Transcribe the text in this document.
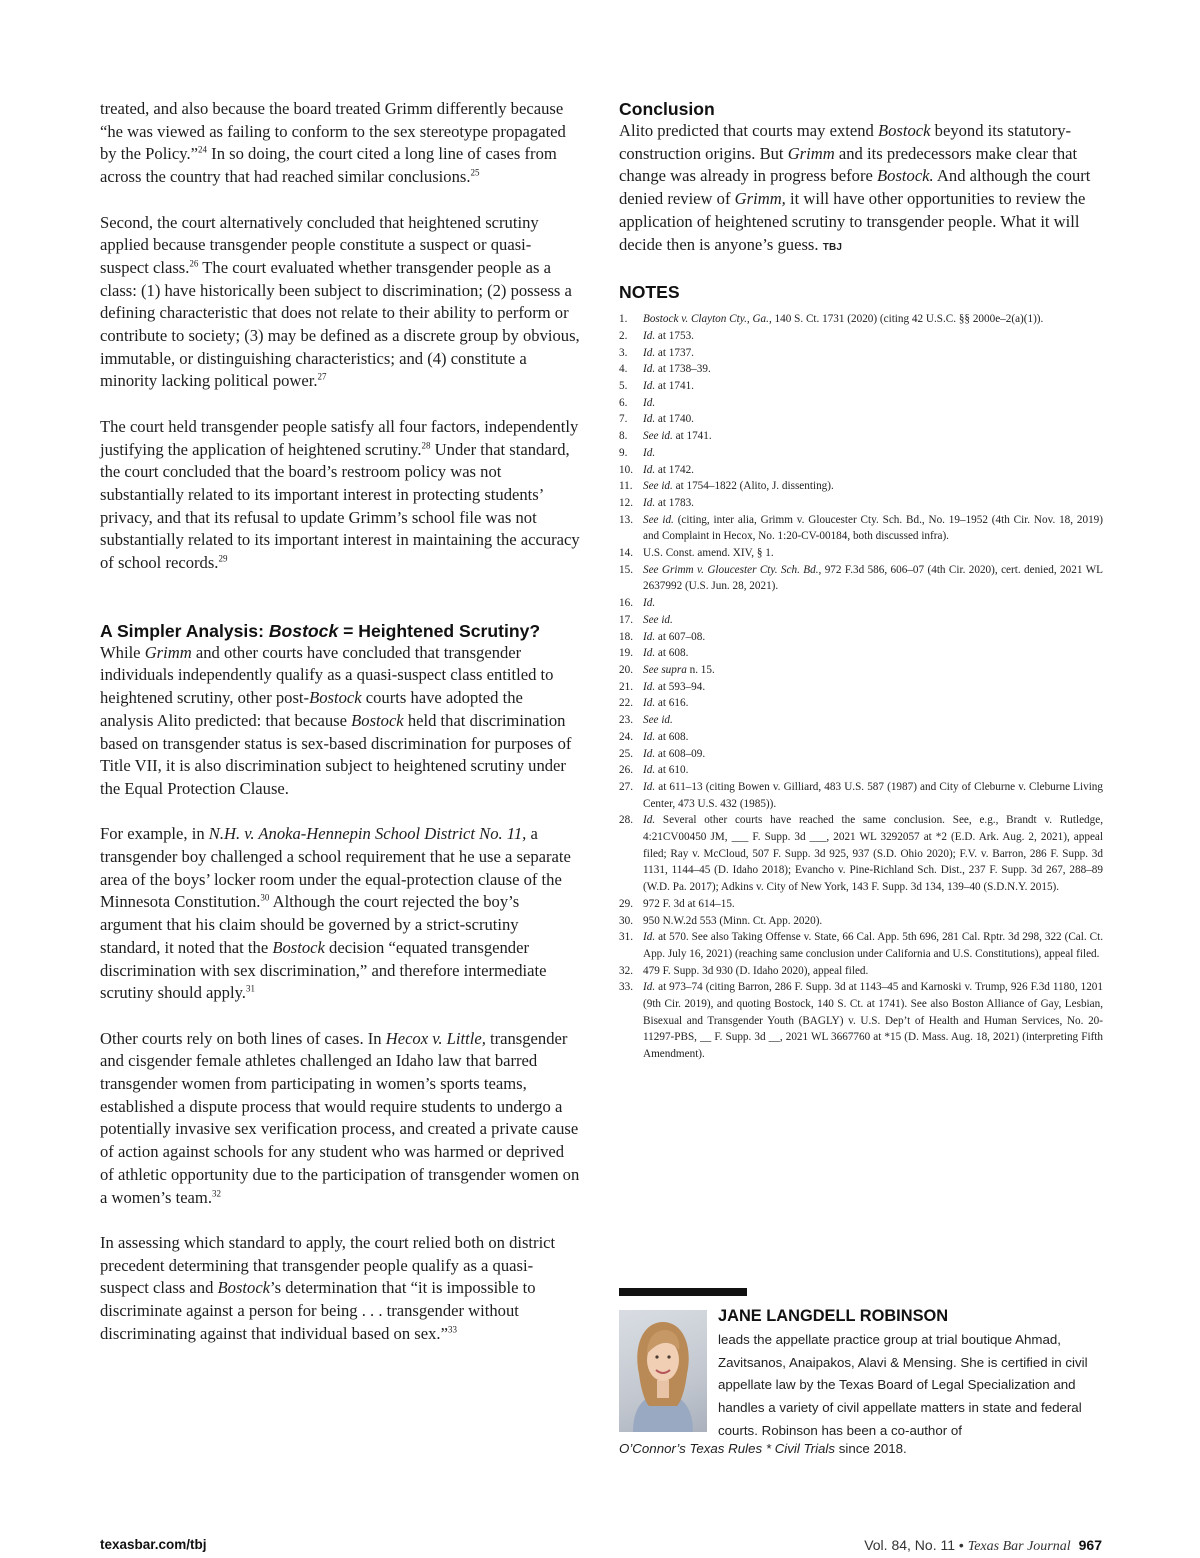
treated, and also because the board treated Grimm differently because “he was viewed as failing to conform to the sex stereotype propagated by the Policy.”$^{24}$ In so doing, the court cited a long line of cases from across the country that had reached similar conclusions.$^{25}$

Second, the court alternatively concluded that heightened scrutiny applied because transgender people constitute a suspect or quasi-suspect class.$^{26}$ The court evaluated whether transgender people as a class: (1) have historically been subject to discrimination; (2) possess a defining characteristic that does not relate to their ability to perform or contribute to society; (3) may be defined as a discrete group by obvious, immutable, or distinguishing characteristics; and (4) constitute a minority lacking political power.$^{27}$

The court held transgender people satisfy all four factors, independently justifying the application of heightened scrutiny.$^{28}$ Under that standard, the court concluded that the board’s restroom policy was not substantially related to its important interest in protecting students’ privacy, and that its refusal to update Grimm’s school file was not substantially related to its important interest in maintaining the accuracy of school records.$^{29}$

A Simpler Analysis: Bostock = Heightened Scrutiny?

While Grimm and other courts have concluded that transgender individuals independently qualify as a quasi-suspect class entitled to heightened scrutiny, other post-Bostock courts have adopted the analysis Alito predicted: that because Bostock held that discrimination based on transgender status is sex-based discrimination for purposes of Title VII, it is also discrimination subject to heightened scrutiny under the Equal Protection Clause.

For example, in N.H. v. Anoka-Hennepin School District No. 11, a transgender boy challenged a school requirement that he use a separate area of the boys’ locker room under the equal-protection clause of the Minnesota Constitution.$^{30}$ Although the court rejected the boy’s argument that his claim should be governed by a strict-scrutiny standard, it noted that the Bostock decision “equated transgender discrimination with sex discrimination,” and therefore intermediate scrutiny should apply.$^{31}$

Other courts rely on both lines of cases. In Hecox v. Little, transgender and cisgender female athletes challenged an Idaho law that barred transgender women from participating in women’s sports teams, established a dispute process that would require students to undergo a potentially invasive sex verification process, and created a private cause of action against schools for any student who was harmed or deprived of athletic opportunity due to the participation of transgender women on a women’s team.$^{32}$

In assessing which standard to apply, the court relied both on district precedent determining that transgender people qualify as a quasi-suspect class and Bostock’s determination that “it is impossible to discriminate against a person for being . . . transgender without discriminating against that individual based on sex.”$^{33}$

Conclusion
Alito predicted that courts may extend Bostock beyond its statutory-construction origins. But Grimm and its predecessors make clear that change was already in progress before Bostock. And although the court denied review of Grimm, it will have other opportunities to review the application of heightened scrutiny to transgender people. What it will decide then is anyone’s guess. TBJ
NOTES
1. Bostock v. Clayton Cty., Ga., 140 S. Ct. 1731 (2020) (citing 42 U.S.C. §§ 2000e–2(a)(1)).
2. Id. at 1753.
3. Id. at 1737.
4. Id. at 1738–39.
5. Id. at 1741.
6. Id.
7. Id. at 1740.
8. See id. at 1741.
9. Id.
10. Id. at 1742.
11. See id. at 1754–1822 (Alito, J. dissenting).
12. Id. at 1783.
13. See id. (citing, inter alia, Grimm v. Gloucester Cty. Sch. Bd., No. 19–1952 (4th Cir. Nov. 18, 2019) and Complaint in Hecox, No. 1:20-CV-00184, both discussed infra).
14. U.S. Const. amend. XIV, § 1.
15. See Grimm v. Gloucester Cty. Sch. Bd., 972 F.3d 586, 606–07 (4th Cir. 2020), cert. denied, 2021 WL 2637992 (U.S. Jun. 28, 2021).
16. Id.
17. See id.
18. Id. at 607–08.
19. Id. at 608.
20. See supra n. 15.
21. Id. at 593–94.
22. Id. at 616.
23. See id.
24. Id. at 608.
25. Id. at 608–09.
26. Id. at 610.
27. Id. at 611–13 (citing Bowen v. Gilliard, 483 U.S. 587 (1987) and City of Cleburne v. Cleburne Living Center, 473 U.S. 432 (1985)).
28. Id. Several other courts have reached the same conclusion. See, e.g., Brandt v. Rutledge, 4:21CV00450 JM, ___ F. Supp. 3d ___, 2021 WL 3292057 at *2 (E.D. Ark. Aug. 2, 2021), appeal filed; Ray v. McCloud, 507 F. Supp. 3d 925, 937 (S.D. Ohio 2020); F.V. v. Barron, 286 F. Supp. 3d 1131, 1144–45 (D. Idaho 2018); Evancho v. Pine-Richland Sch. Dist., 237 F. Supp. 3d 267, 288–89 (W.D. Pa. 2017); Adkins v. City of New York, 143 F. Supp. 3d 134, 139–40 (S.D.N.Y. 2015).
29. 972 F. 3d at 614–15.
30. 950 N.W.2d 553 (Minn. Ct. App. 2020).
31. Id. at 570. See also Taking Offense v. State, 66 Cal. App. 5th 696, 281 Cal. Rptr. 3d 298, 322 (Cal. Ct. App. July 16, 2021) (reaching same conclusion under California and U.S. Constitutions), appeal filed.
32. 479 F. Supp. 3d 930 (D. Idaho 2020), appeal filed.
33. Id. at 973–74 (citing Barron, 286 F. Supp. 3d at 1143–45 and Karnoski v. Trump, 926 F.3d 1180, 1201 (9th Cir. 2019), and quoting Bostock, 140 S. Ct. at 1741). See also Boston Alliance of Gay, Lesbian, Bisexual and Transgender Youth (BAGLY) v. U.S. Dep’t of Health and Human Services, No. 20-11297-PBS, __ F. Supp. 3d __, 2021 WL 3667760 at *15 (D. Mass. Aug. 18, 2021) (interpreting Fifth Amendment).
JANE LANGDELL ROBINSON
leads the appellate practice group at trial boutique Ahmad, Zavitsanos, Anaipakos, Alavi & Mensing. She is certified in civil appellate law by the Texas Board of Legal Specialization and handles a variety of civil appellate matters in state and federal courts. Robinson has been a co-author of
O’Connor’s Texas Rules * Civil Trials since 2018.
texasbar.com/tbj	Vol. 84, No. 11 • Texas Bar Journal 967
